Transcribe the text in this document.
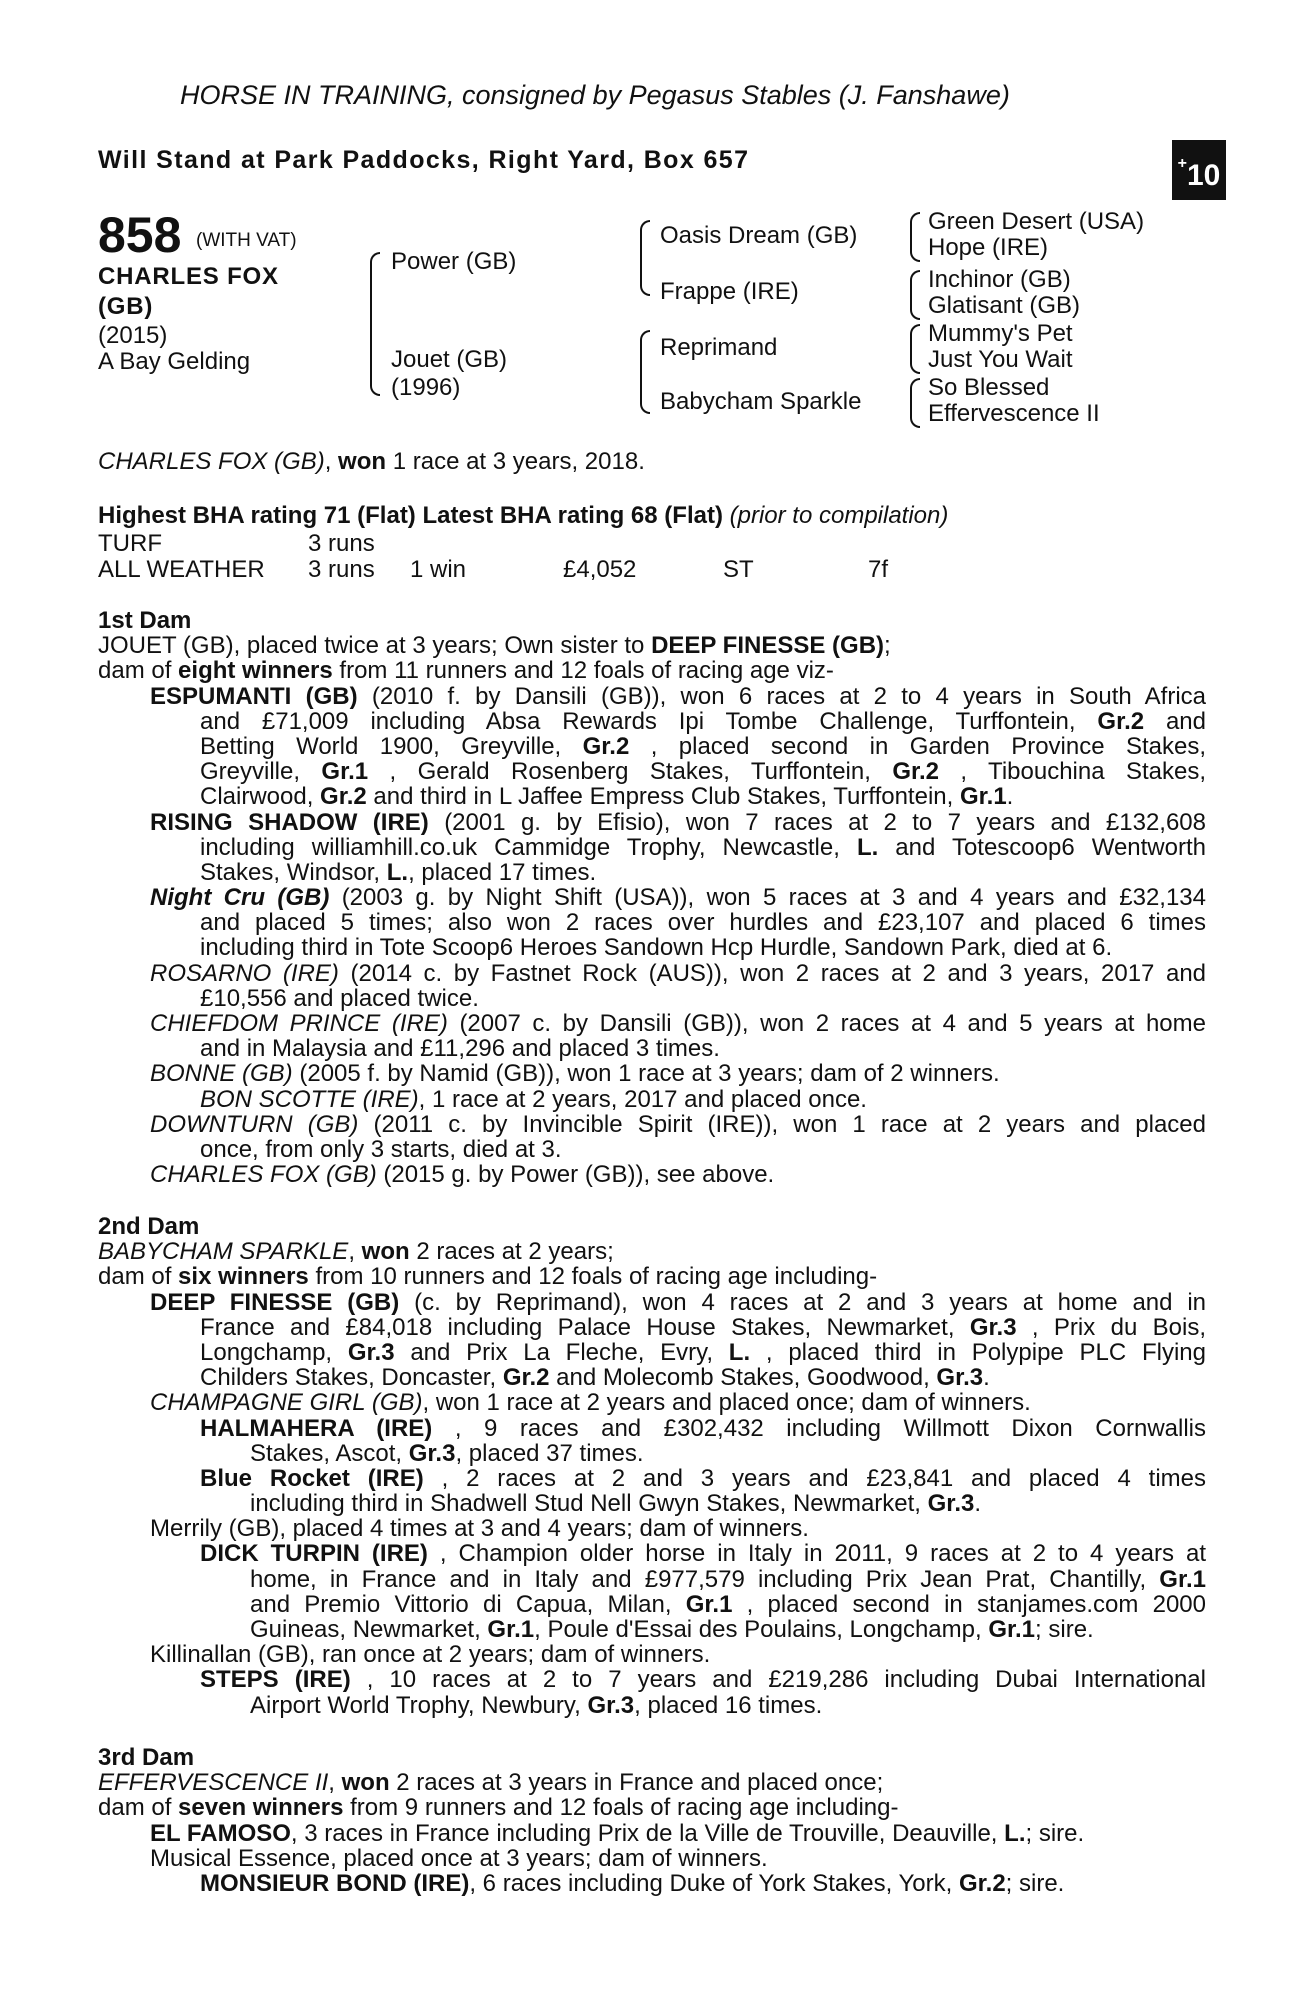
HORSE IN TRAINING, consigned by Pegasus Stables (J. Fanshawe)
Will Stand at Park Paddocks, Right Yard, Box 657	+10
858 (WITH VAT)
CHARLES FOX (GB)
(2015)
A Bay Gelding
Power (GB)
Jouet (GB)
(1996)
Oasis Dream (GB)
Frappe (IRE)
Reprimand
Babycham Sparkle
Green Desert (USA)
Hope (IRE)
Inchinor (GB)
Glatisant (GB)
Mummy's Pet
Just You Wait
So Blessed
Effervescence II
CHARLES FOX (GB), won 1 race at 3 years, 2018.
Highest BHA rating 71 (Flat) Latest BHA rating 68 (Flat) (prior to compilation)
TURF	3 runs
ALL WEATHER 3 runs 1 win	£4,052	ST	7f
1st Dam
JOUET (GB), placed twice at 3 years; Own sister to DEEP FINESSE (GB);
dam of eight winners from 11 runners and 12 foals of racing age viz-
ESPUMANTI (GB) (2010 f. by Dansili (GB)), won 6 races at 2 to 4 years in South Africa
and £71,009 including Absa Rewards Ipi Tombe Challenge, Turffontein, Gr.2 and
Betting World 1900, Greyville, Gr.2 , placed second in Garden Province Stakes,
Greyville, Gr.1 , Gerald Rosenberg Stakes, Turffontein, Gr.2 , Tibouchina Stakes,
Clairwood, Gr.2 and third in L Jaffee Empress Club Stakes, Turffontein, Gr.1.
RISING SHADOW (IRE) (2001 g. by Efisio), won 7 races at 2 to 7 years and £132,608
including williamhill.co.uk Cammidge Trophy, Newcastle, L. and Totescoop6 Wentworth
Stakes, Windsor, L., placed 17 times.
Night Cru (GB) (2003 g. by Night Shift (USA)), won 5 races at 3 and 4 years and £32,134
and placed 5 times; also won 2 races over hurdles and £23,107 and placed 6 times
including third in Tote Scoop6 Heroes Sandown Hcp Hurdle, Sandown Park, died at 6.
ROSARNO (IRE) (2014 c. by Fastnet Rock (AUS)), won 2 races at 2 and 3 years, 2017 and
£10,556 and placed twice.
CHIEFDOM PRINCE (IRE) (2007 c. by Dansili (GB)), won 2 races at 4 and 5 years at home
and in Malaysia and £11,296 and placed 3 times.
BONNE (GB) (2005 f. by Namid (GB)), won 1 race at 3 years; dam of 2 winners.
BON SCOTTE (IRE), 1 race at 2 years, 2017 and placed once.
DOWNTURN (GB) (2011 c. by Invincible Spirit (IRE)), won 1 race at 2 years and placed
once, from only 3 starts, died at 3.
CHARLES FOX (GB) (2015 g. by Power (GB)), see above.
2nd Dam
BABYCHAM SPARKLE, won 2 races at 2 years;
dam of six winners from 10 runners and 12 foals of racing age including-
DEEP FINESSE (GB) (c. by Reprimand), won 4 races at 2 and 3 years at home and in
France and £84,018 including Palace House Stakes, Newmarket, Gr.3 , Prix du Bois,
Longchamp, Gr.3 and Prix La Fleche, Evry, L. , placed third in Polypipe PLC Flying
Childers Stakes, Doncaster, Gr.2 and Molecomb Stakes, Goodwood, Gr.3.
CHAMPAGNE GIRL (GB), won 1 race at 2 years and placed once; dam of winners.
HALMAHERA (IRE) , 9 races and £302,432 including Willmott Dixon Cornwallis
Stakes, Ascot, Gr.3, placed 37 times.
Blue Rocket (IRE) , 2 races at 2 and 3 years and £23,841 and placed 4 times
including third in Shadwell Stud Nell Gwyn Stakes, Newmarket, Gr.3.
Merrily (GB), placed 4 times at 3 and 4 years; dam of winners.
DICK TURPIN (IRE) , Champion older horse in Italy in 2011, 9 races at 2 to 4 years at
home, in France and in Italy and £977,579 including Prix Jean Prat, Chantilly, Gr.1
and Premio Vittorio di Capua, Milan, Gr.1 , placed second in stanjames.com 2000
Guineas, Newmarket, Gr.1, Poule d'Essai des Poulains, Longchamp, Gr.1; sire.
Killinallan (GB), ran once at 2 years; dam of winners.
STEPS (IRE) , 10 races at 2 to 7 years and £219,286 including Dubai International
Airport World Trophy, Newbury, Gr.3, placed 16 times.
3rd Dam
EFFERVESCENCE II, won 2 races at 3 years in France and placed once;
dam of seven winners from 9 runners and 12 foals of racing age including-
EL FAMOSO, 3 races in France including Prix de la Ville de Trouville, Deauville, L.; sire.
Musical Essence, placed once at 3 years; dam of winners.
MONSIEUR BOND (IRE), 6 races including Duke of York Stakes, York, Gr.2; sire.
